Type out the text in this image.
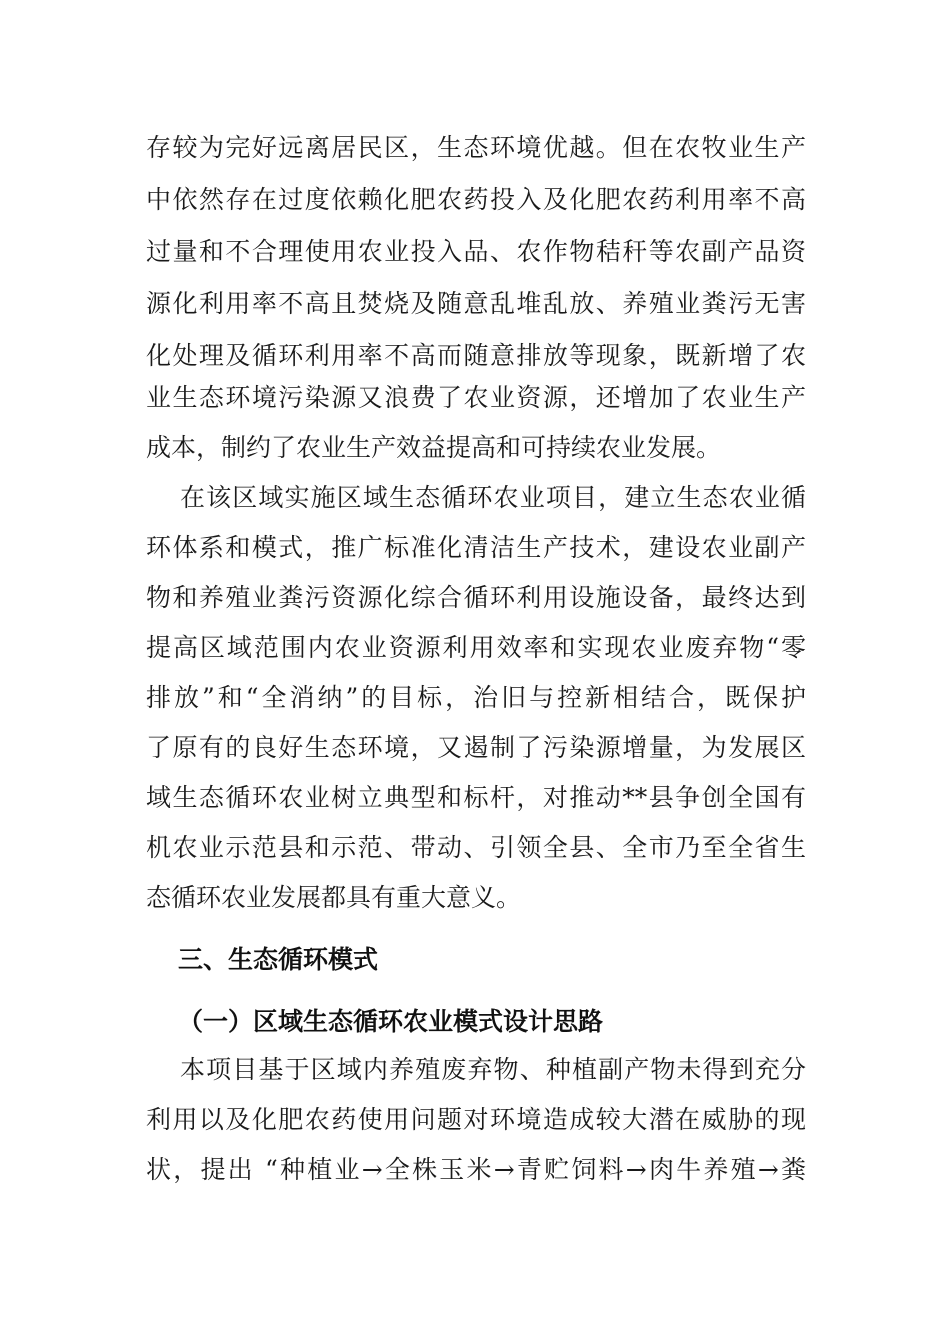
存较为完好远离居民区，生态环境优越。但在农牧业生产
中依然存在过度依赖化肥农药投入及化肥农药利用率不高
过量和不合理使用农业投入品、农作物秸秆等农副产品资
源化利用率不高且焚烧及随意乱堆乱放、养殖业粪污无害
化处理及循环利用率不高而随意排放等现象，既新增了农
业生态环境污染源又浪费了农业资源，还增加了农业生产
成本，制约了农业生产效益提高和可持续农业发展。
在该区域实施区域生态循环农业项目，建立生态农业循
环体系和模式，推广标准化清洁生产技术，建设农业副产
物和养殖业粪污资源化综合循环利用设施设备，最终达到
提高区域范围内农业资源利用效率和实现农业废弃物“零
排放”和“全消纳”的目标，治旧与控新相结合，既保护
了原有的良好生态环境，又遏制了污染源增量，为发展区
域生态循环农业树立典型和标杆，对推动**县争创全国有
机农业示范县和示范、带动、引领全县、全市乃至全省生
态循环农业发展都具有重大意义。
三、生态循环模式
（一）区域生态循环农业模式设计思路
本项目基于区域内养殖废弃物、种植副产物未得到充分
利用以及化肥农药使用问题对环境造成较大潜在威胁的现
状，提出 “种植业→全株玉米→青贮饲料→肉牛养殖→粪
